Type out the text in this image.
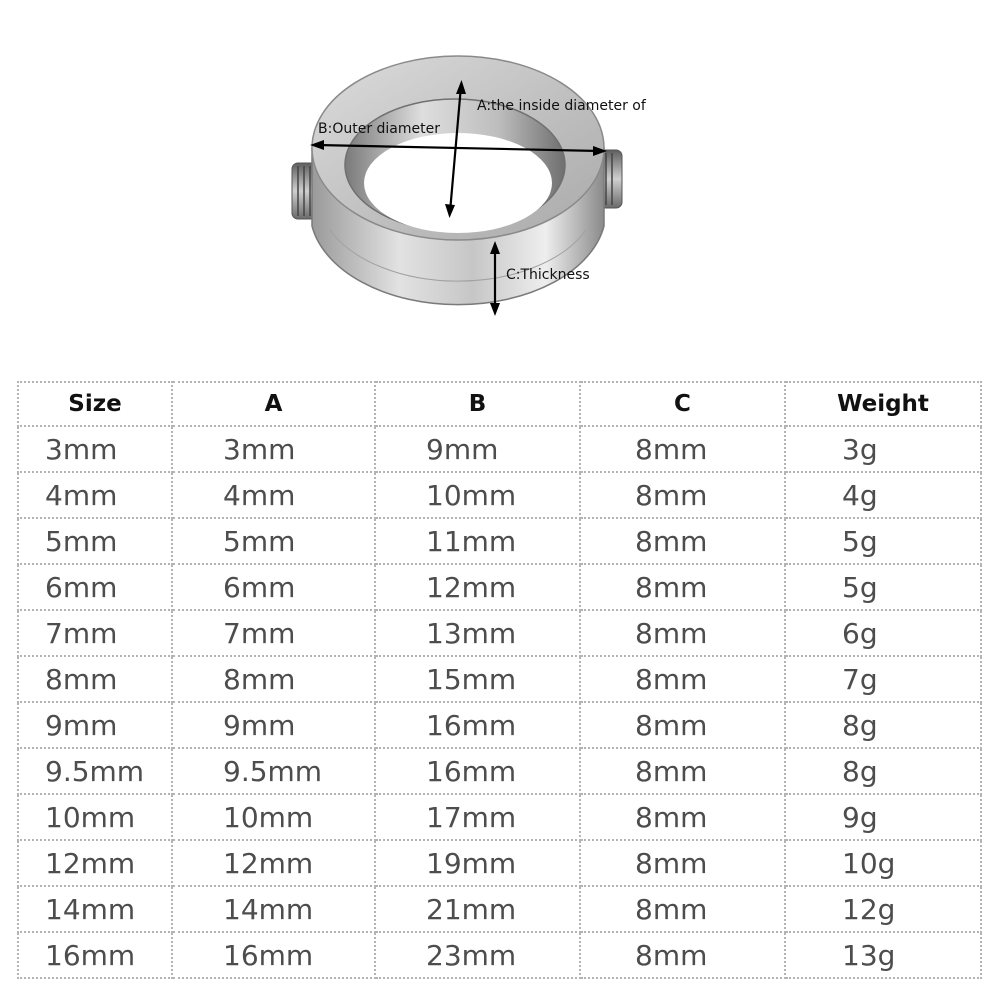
A:the inside diameter of
B:Outer diameter
C:Thickness
Size	A	B	C	Weight
3mm	3mm	9mm	8mm	3g
4mm	4mm	10mm	8mm	4g
5mm	5mm	11mm	8mm	5g
6mm	6mm	12mm	8mm	5g
7mm	7mm	13mm	8mm	6g
8mm	8mm	15mm	8mm	7g
9mm	9mm	16mm	8mm	8g
9.5mm	9.5mm	16mm	8mm	8g
10mm	10mm	17mm	8mm	9g
12mm	12mm	19mm	8mm	10g
14mm	14mm	21mm	8mm	12g
16mm	16mm	23mm	8mm	13g
